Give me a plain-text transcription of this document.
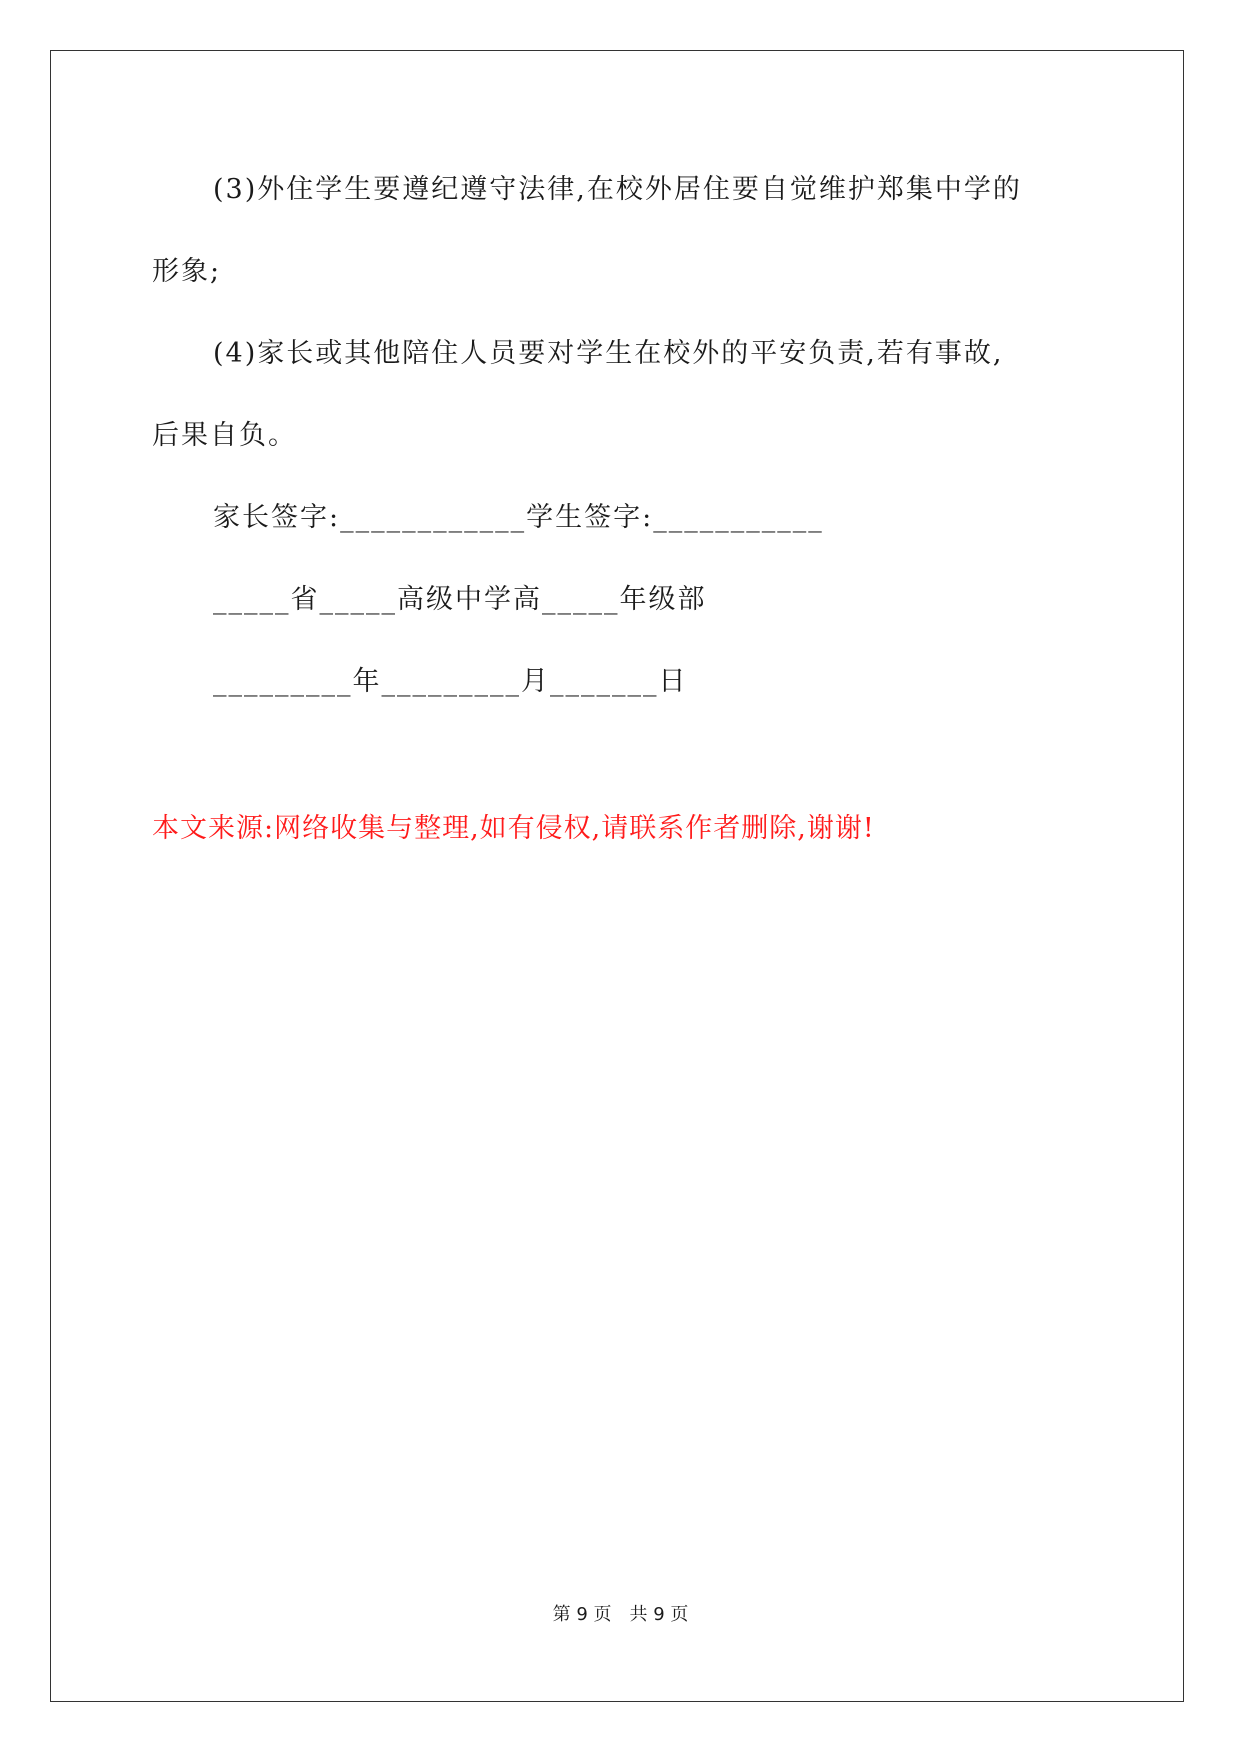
(3)外住学生要遵纪遵守法律,在校外居住要自觉维护郑集中学的
形象;
(4)家长或其他陪住人员要对学生在校外的平安负责,若有事故,
后果自负。
家长签字:____________学生签字:___________
_____省_____高级中学高_____年级部
_________年_________月_______日
本文来源:网络收集与整理,如有侵权,请联系作者删除,谢谢!
第 9 页 共 9 页
